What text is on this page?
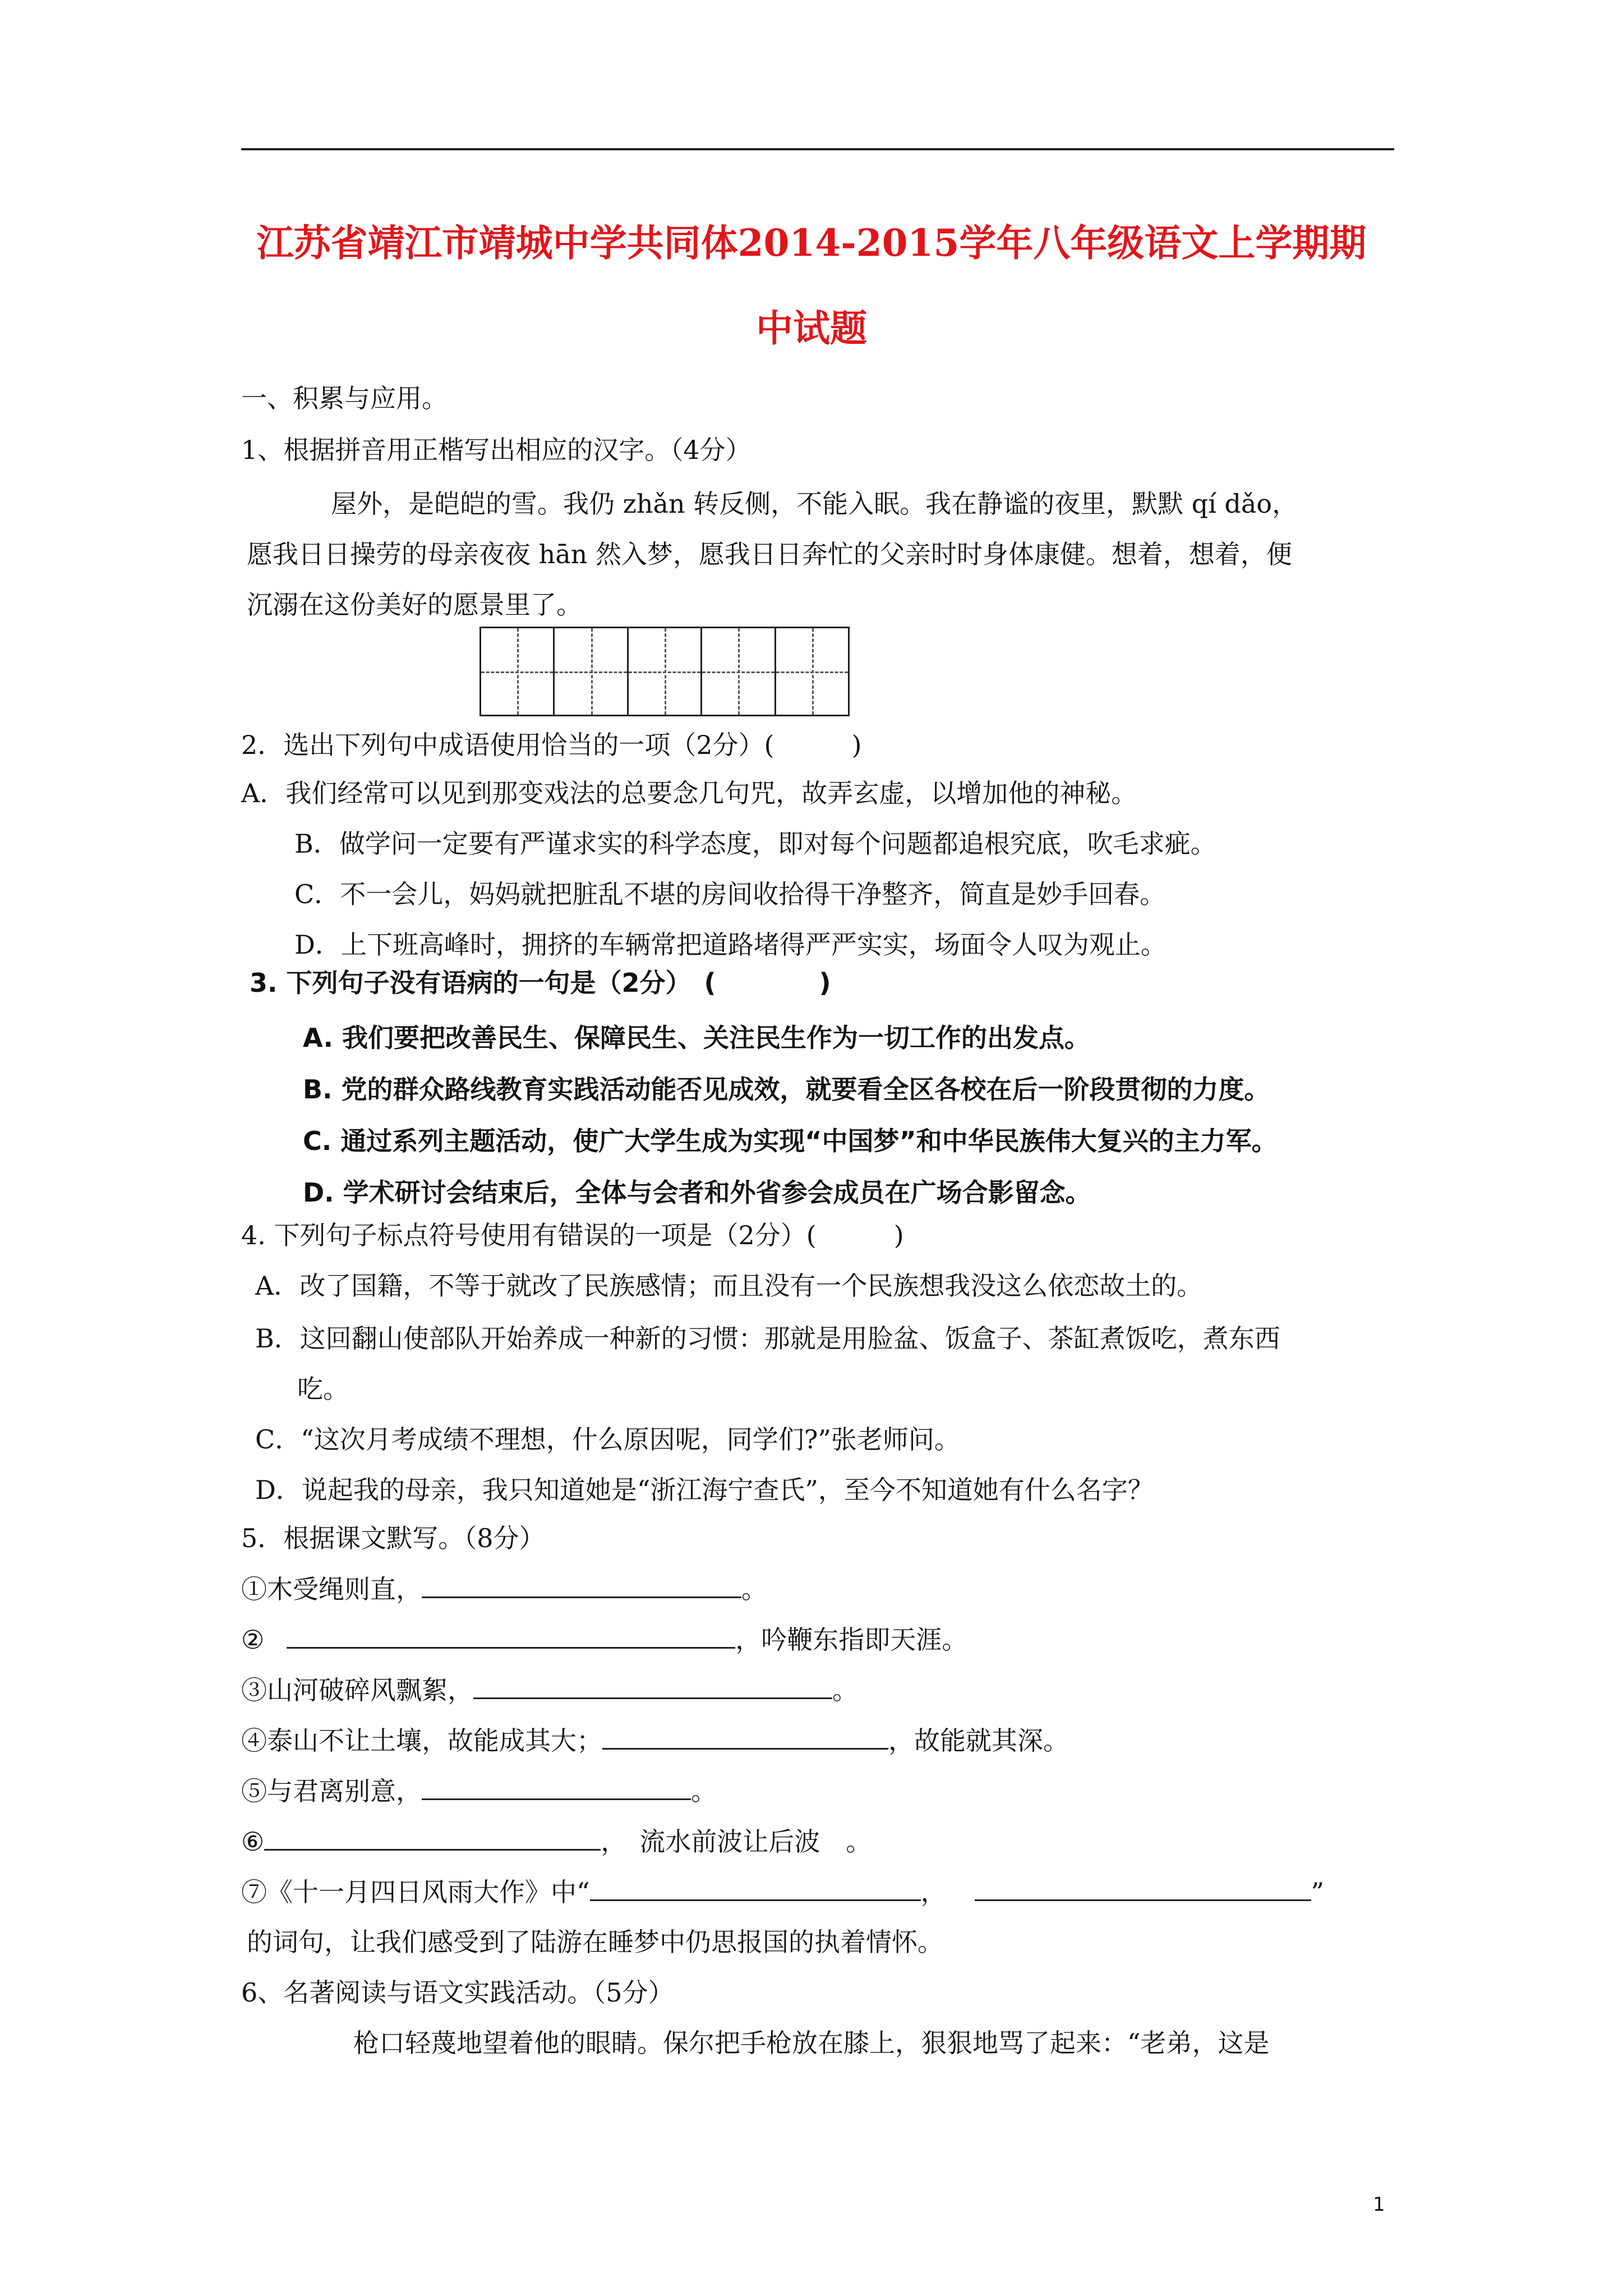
江苏省靖江市靖城中学共同体2014-2015学年八年级语文上学期期
中试题
一、积累与应用。
1、根据拼音用正楷写出相应的汉字。（4分）
屋外，是皑皑的雪。我仍 zhǎn 转反侧，不能入眠。我在静谧的夜里，默默 qí dǎo，
愿我日日操劳的母亲夜夜 hān 然入梦，愿我日日奔忙的父亲时时身体康健。想着，想着，便
沉溺在这份美好的愿景里了。
2．选出下列句中成语使用恰当的一项（2分）(　　　)
A．我们经常可以见到那变戏法的总要念几句咒，故弄玄虚，以增加他的神秘。
B．做学问一定要有严谨求实的科学态度，即对每个问题都追根究底，吹毛求疵。
C．不一会儿，妈妈就把脏乱不堪的房间收拾得干净整齐，简直是妙手回春。
D．上下班高峰时，拥挤的车辆常把道路堵得严严实实，场面令人叹为观止。
3. 下列句子没有语病的一句是（2分）　(　　　　)
A. 我们要把改善民生、保障民生、关注民生作为一切工作的出发点。
B. 党的群众路线教育实践活动能否见成效，就要看全区各校在后一阶段贯彻的力度。
C. 通过系列主题活动，使广大学生成为实现“中国梦”和中华民族伟大复兴的主力军。
D. 学术研讨会结束后，全体与会者和外省参会成员在广场合影留念。
4. 下列句子标点符号使用有错误的一项是（2分）(　　　)
A．改了国籍，不等于就改了民族感情；而且没有一个民族想我没这么依恋故土的。
B．这回翻山使部队开始养成一种新的习惯：那就是用脸盆、饭盒子、茶缸煮饭吃，煮东西
吃。
C．“这次月考成绩不理想，什么原因呢，同学们?”张老师问。
D．说起我的母亲，我只知道她是“浙江海宁查氏”，至今不知道她有什么名字？
5．根据课文默写。（8分）
①木受绳则直，	。
②	，吟鞭东指即天涯。
③山河破碎风飘絮，	。
④泰山不让土壤，故能成其大；	，故能就其深。
⑤与君离别意，	。
⑥	，　流水前波让后波　。
⑦《十一月四日风雨大作》中“	，	”
的词句，让我们感受到了陆游在睡梦中仍思报国的执着情怀。
6、名著阅读与语文实践活动。（5分）
枪口轻蔑地望着他的眼睛。保尔把手枪放在膝上，狠狠地骂了起来：“老弟，这是
1
